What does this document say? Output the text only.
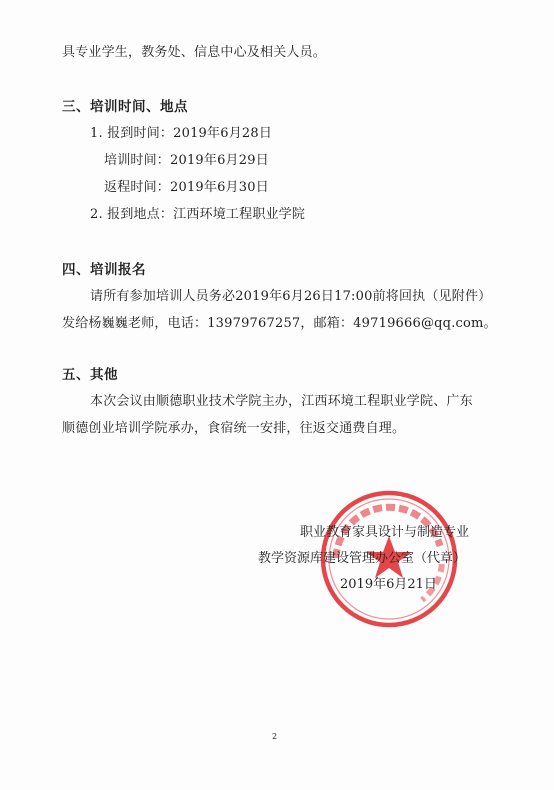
具专业学生，教务处、信息中心及相关人员。
三、培训时间、地点
1. 报到时间：2019年6月28日
培训时间：2019年6月29日
返程时间：2019年6月30日
2. 报到地点：江西环境工程职业学院
四、培训报名
请所有参加培训人员务必2019年6月26日17:00前将回执（见附件）
发给杨巍巍老师，电话：13979767257，邮箱：49719666@qq.com。
五、其他
本次会议由顺德职业技术学院主办，江西环境工程职业学院、广东
顺德创业培训学院承办，食宿统一安排，往返交通费自理。
职业教育家具设计与制造专业
教学资源库建设管理办公室（代章）
2019年6月21日
2
